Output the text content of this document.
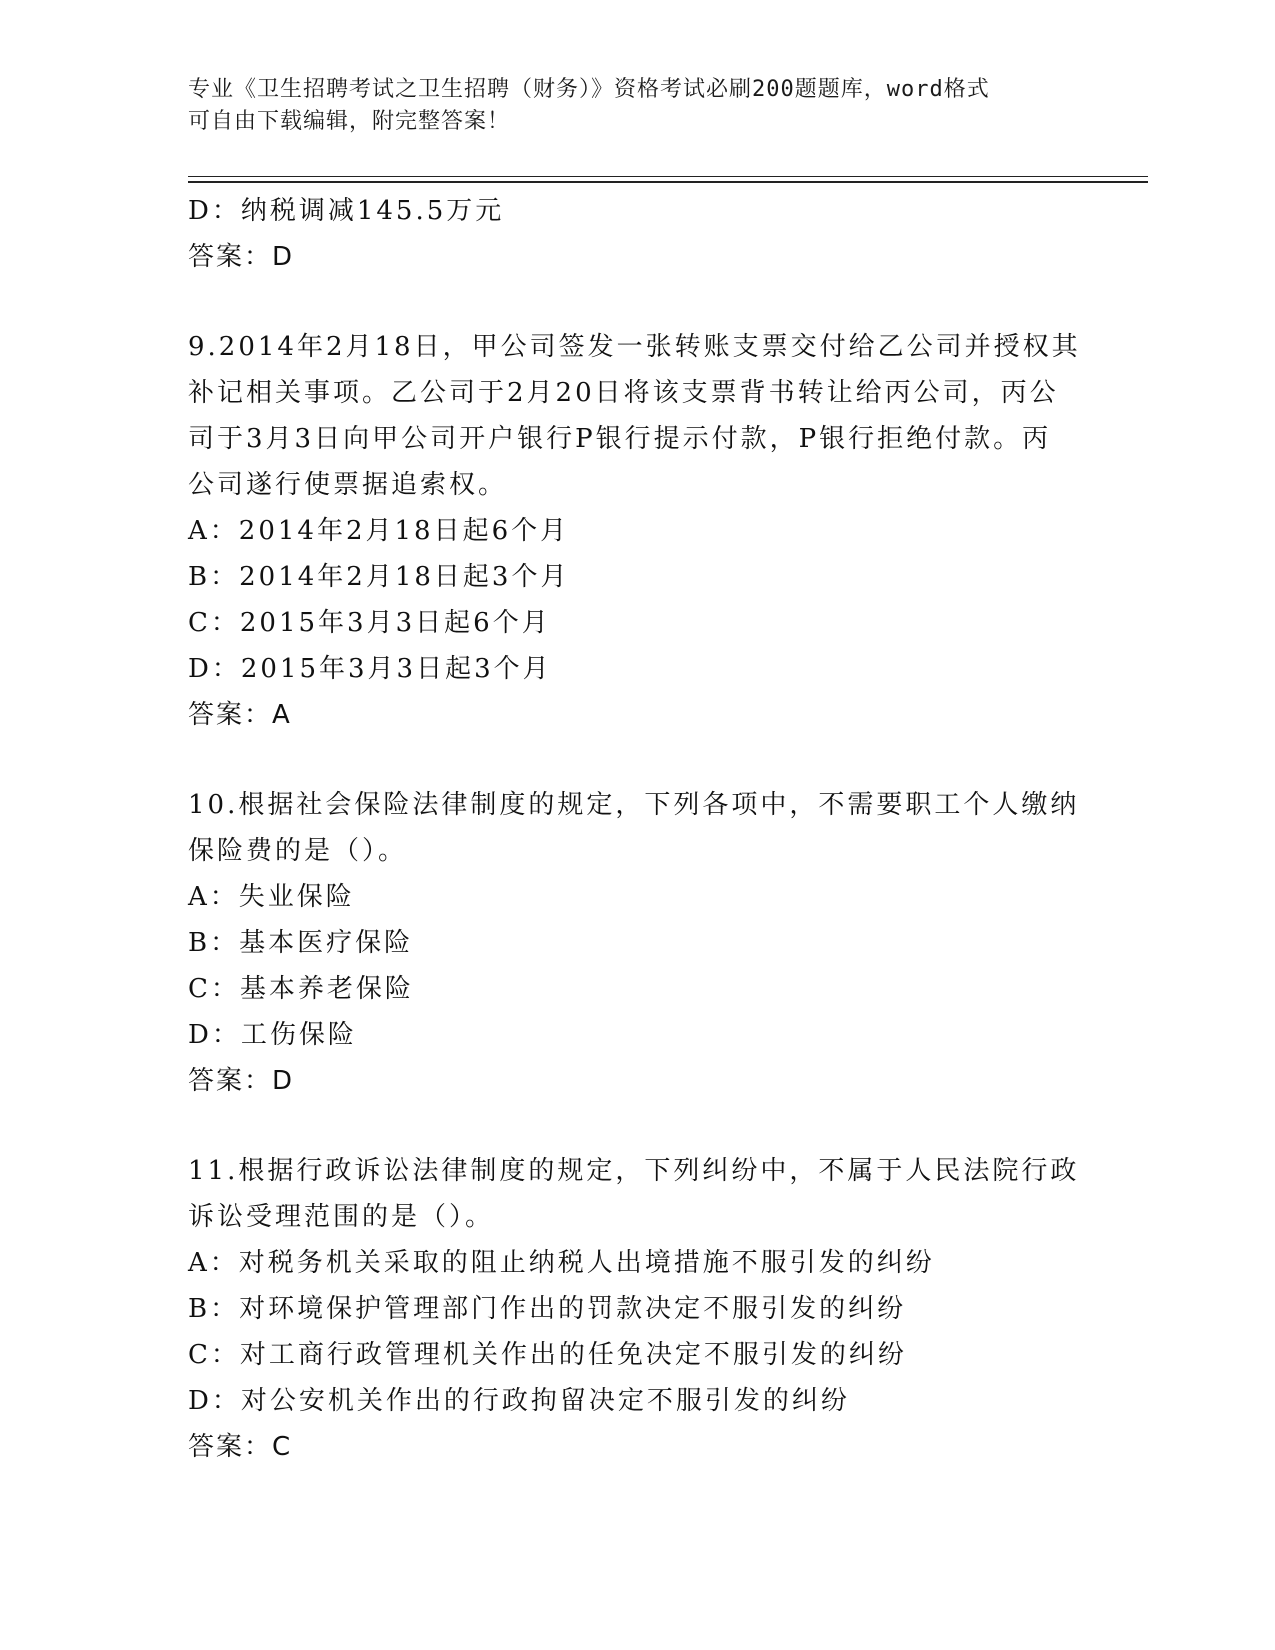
专业《卫生招聘考试之卫生招聘（财务）》资格考试必刷200题题库，word格式
可自由下载编辑，附完整答案！
D：纳税调减145.5万元
答案：D
9.2014年2月18日，甲公司签发一张转账支票交付给乙公司并授权其
补记相关事项。乙公司于2月20日将该支票背书转让给丙公司，丙公
司于3月3日向甲公司开户银行P银行提示付款，P银行拒绝付款。丙
公司遂行使票据追索权。
A：2014年2月18日起6个月
B：2014年2月18日起3个月
C：2015年3月3日起6个月
D：2015年3月3日起3个月
答案：A
10.根据社会保险法律制度的规定，下列各项中，不需要职工个人缴纳
保险费的是（）。
A：失业保险
B：基本医疗保险
C：基本养老保险
D：工伤保险
答案：D
11.根据行政诉讼法律制度的规定，下列纠纷中，不属于人民法院行政
诉讼受理范围的是（）。
A：对税务机关采取的阻止纳税人出境措施不服引发的纠纷
B：对环境保护管理部门作出的罚款决定不服引发的纠纷
C：对工商行政管理机关作出的任免决定不服引发的纠纷
D：对公安机关作出的行政拘留决定不服引发的纠纷
答案：C
